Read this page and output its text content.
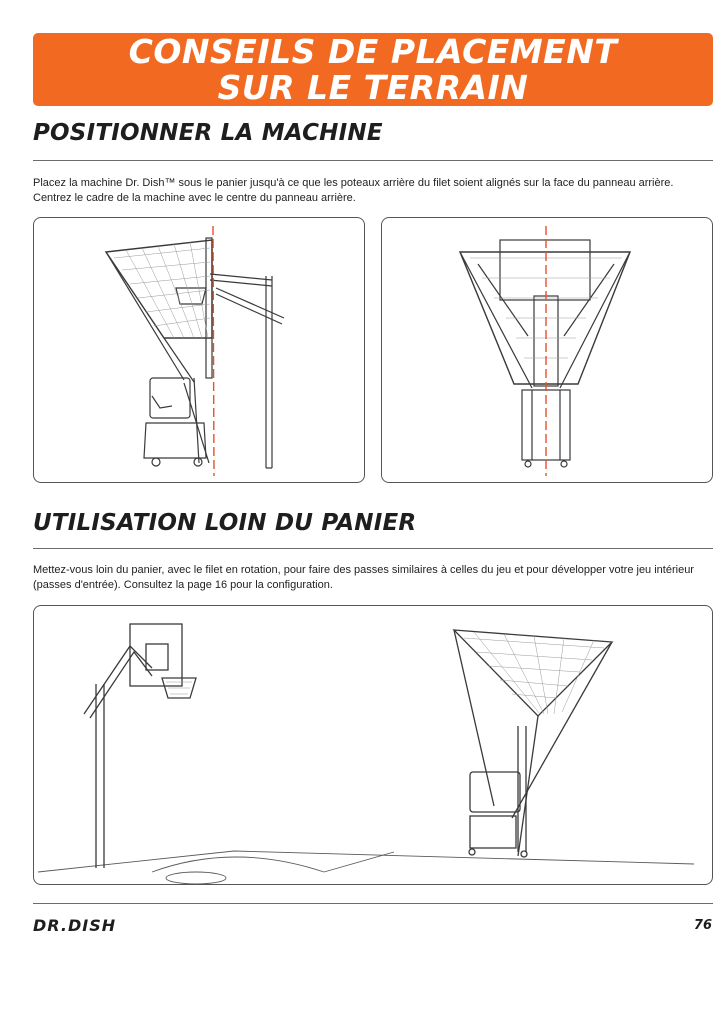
CONSEILS DE PLACEMENT
SUR LE TERRAIN
POSITIONNER LA MACHINE

Placez la machine Dr. Dish™ sous le panier jusqu'à ce que les poteaux arrière du filet soient alignés sur la face du panneau arrière. Centrez le cadre de la machine avec le centre du panneau arrière.

UTILISATION LOIN DU PANIER

Mettez-vous loin du panier, avec le filet en rotation, pour faire des passes similaires à celles du jeu et pour développer votre jeu intérieur (passes d'entrée). Consultez la page 16 pour la configuration.

DR.DISH	76
